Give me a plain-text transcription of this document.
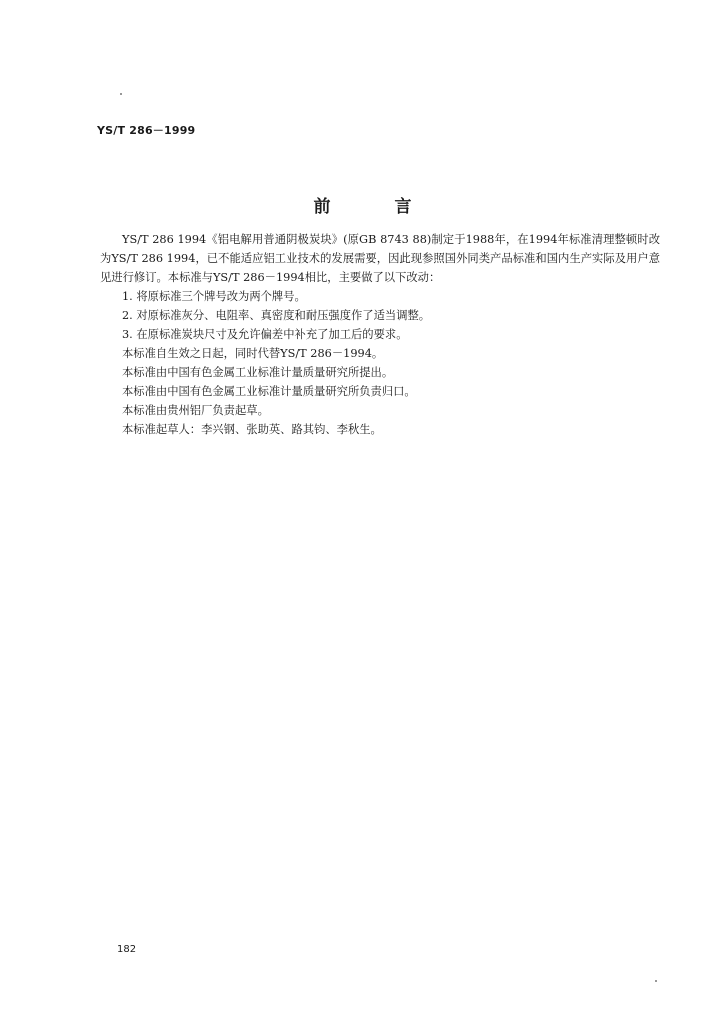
YS/T 286－1999
前	言

YS/T 286 1994《铝电解用普通阴极炭块》(原GB 8743 88)制定于1988年，在1994年标准清理整顿时改为YS/T 286 1994，已不能适应铝工业技术的发展需要，因此现参照国外同类产品标准和国内生产实际及用户意见进行修订。本标准与YS/T 286－1994相比，主要做了以下改动：

1. 将原标准三个牌号改为两个牌号。

2. 对原标准灰分、电阻率、真密度和耐压强度作了适当调整。

3. 在原标准炭块尺寸及允许偏差中补充了加工后的要求。

本标准自生效之日起，同时代替YS/T 286－1994。

本标准由中国有色金属工业标准计量质量研究所提出。

本标准由中国有色金属工业标准计量质量研究所负责归口。

本标准由贵州铝厂负责起草。

本标准起草人：李兴钢、张助英、路其钧、李秋生。

182
